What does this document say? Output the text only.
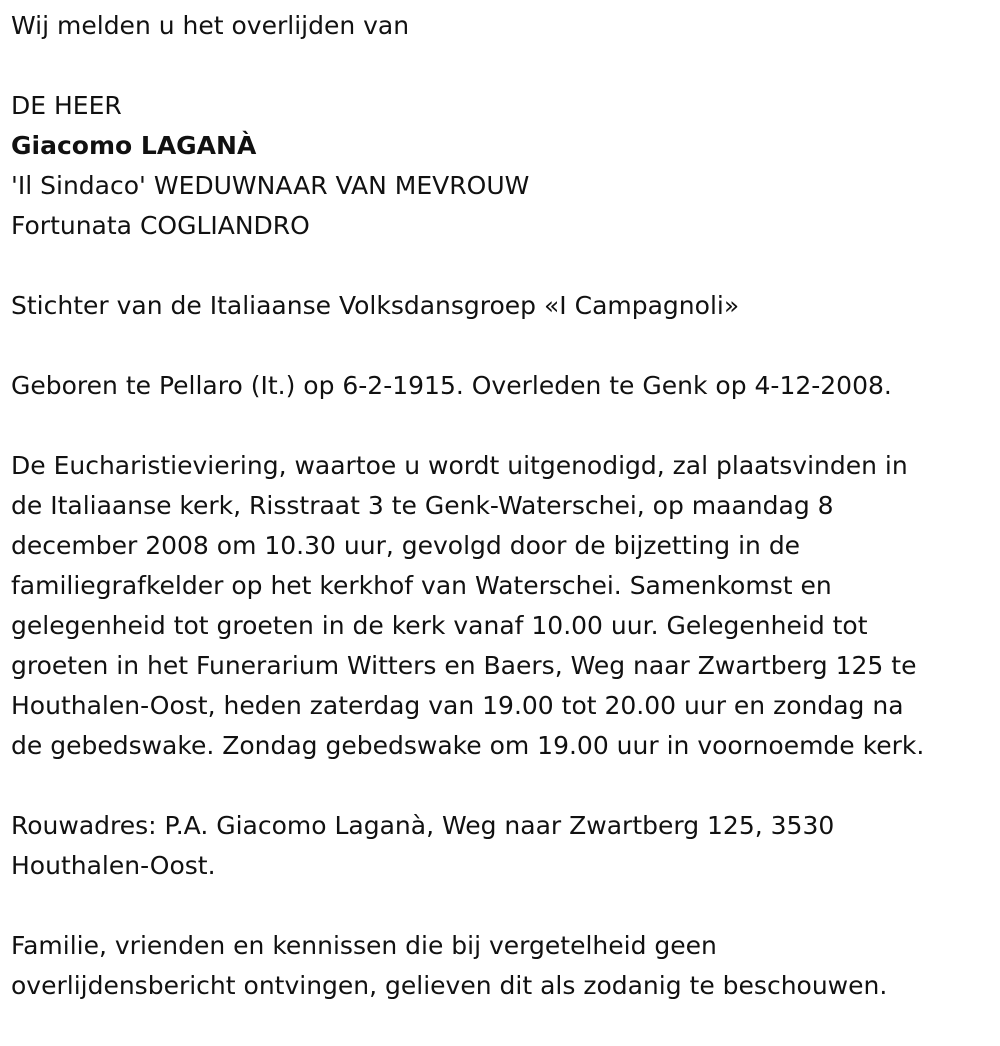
Wij melden u het overlijden van
DE HEER
Giacomo LAGANÀ
'Il Sindaco' WEDUWNAAR VAN MEVROUW
Fortunata COGLIANDRO
Stichter van de Italiaanse Volksdansgroep «I Campagnoli»
Geboren te Pellaro (It.) op 6-2-1915. Overleden te Genk op 4-12-2008.
De Eucharistieviering, waartoe u wordt uitgenodigd, zal plaatsvinden in
de Italiaanse kerk, Risstraat 3 te Genk-Waterschei, op maandag 8
december 2008 om 10.30 uur, gevolgd door de bijzetting in de
familiegrafkelder op het kerkhof van Waterschei. Samenkomst en
gelegenheid tot groeten in de kerk vanaf 10.00 uur. Gelegenheid tot
groeten in het Funerarium Witters en Baers, Weg naar Zwartberg 125 te
Houthalen-Oost, heden zaterdag van 19.00 tot 20.00 uur en zondag na
de gebedswake. Zondag gebedswake om 19.00 uur in voornoemde kerk.
Rouwadres: P.A. Giacomo Laganà, Weg naar Zwartberg 125, 3530
Houthalen-Oost.
Familie, vrienden en kennissen die bij vergetelheid geen
overlijdensbericht ontvingen, gelieven dit als zodanig te beschouwen.
